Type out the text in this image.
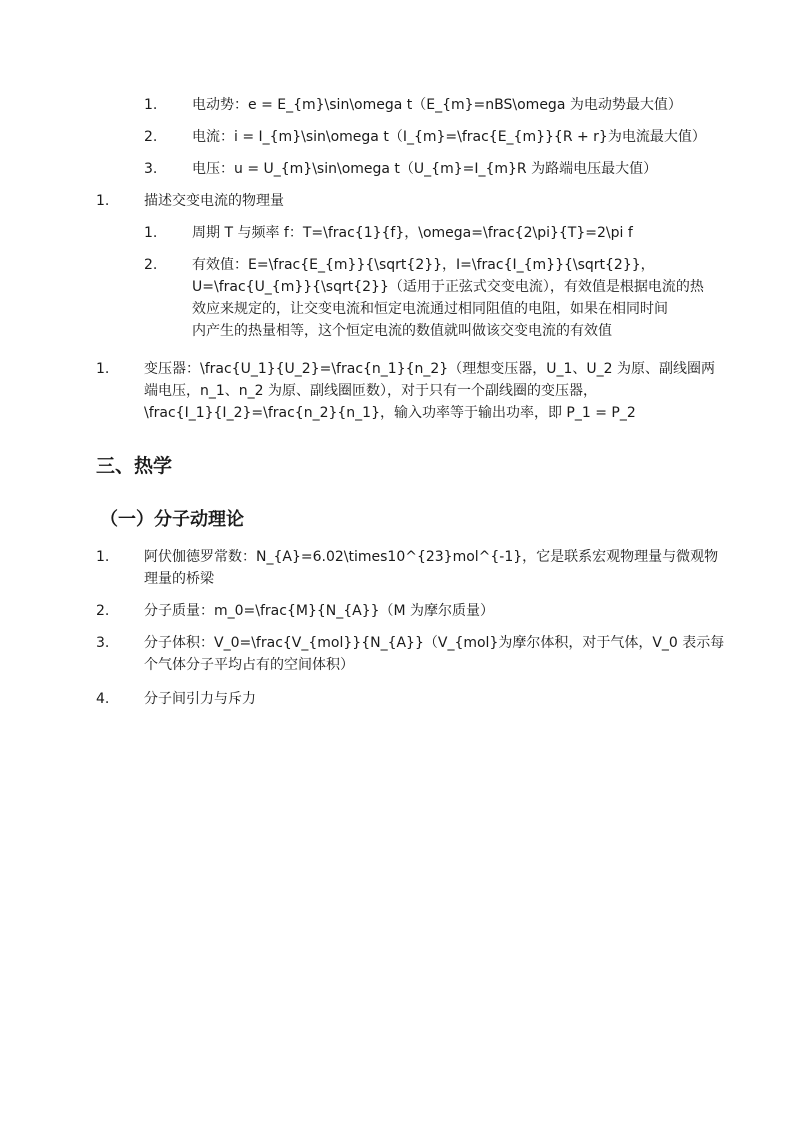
1. 电动势：e = E_{m}\sin\omega t（E_{m}=nBS\omega 为电动势最大值）
2. 电流：i = I_{m}\sin\omega t（I_{m}=\frac{E_{m}}{R + r}为电流最大值）
3. 电压：u = U_{m}\sin\omega t（U_{m}=I_{m}R 为路端电压最大值）
1. 描述交变电流的物理量
1. 周期 T 与频率 f：T=\frac{1}{f}，\omega=\frac{2\pi}{T}=2\pi f
2. 有效值：E=\frac{E_{m}}{\sqrt{2}}，I=\frac{I_{m}}{\sqrt{2}}，
U=\frac{U_{m}}{\sqrt{2}}（适用于正弦式交变电流），有效值是根据电流的热
效应来规定的，让交变电流和恒定电流通过相同阻值的电阻，如果在相同时间
内产生的热量相等，这个恒定电流的数值就叫做该交变电流的有效值
1. 变压器：\frac{U_1}{U_2}=\frac{n_1}{n_2}（理想变压器，U_1、U_2 为原、副线圈两
端电压，n_1、n_2 为原、副线圈匝数），对于只有一个副线圈的变压器，
\frac{I_1}{I_2}=\frac{n_2}{n_1}，输入功率等于输出功率，即 P_1 = P_2
三、热学
（一）分子动理论
1. 阿伏伽德罗常数：N_{A}=6.02\times10^{23}mol^{-1}，它是联系宏观物理量与微观物
理量的桥梁
2. 分子质量：m_0=\frac{M}{N_{A}}（M 为摩尔质量）
3. 分子体积：V_0=\frac{V_{mol}}{N_{A}}（V_{mol}为摩尔体积，对于气体，V_0 表示每
个气体分子平均占有的空间体积）
4. 分子间引力与斥力
